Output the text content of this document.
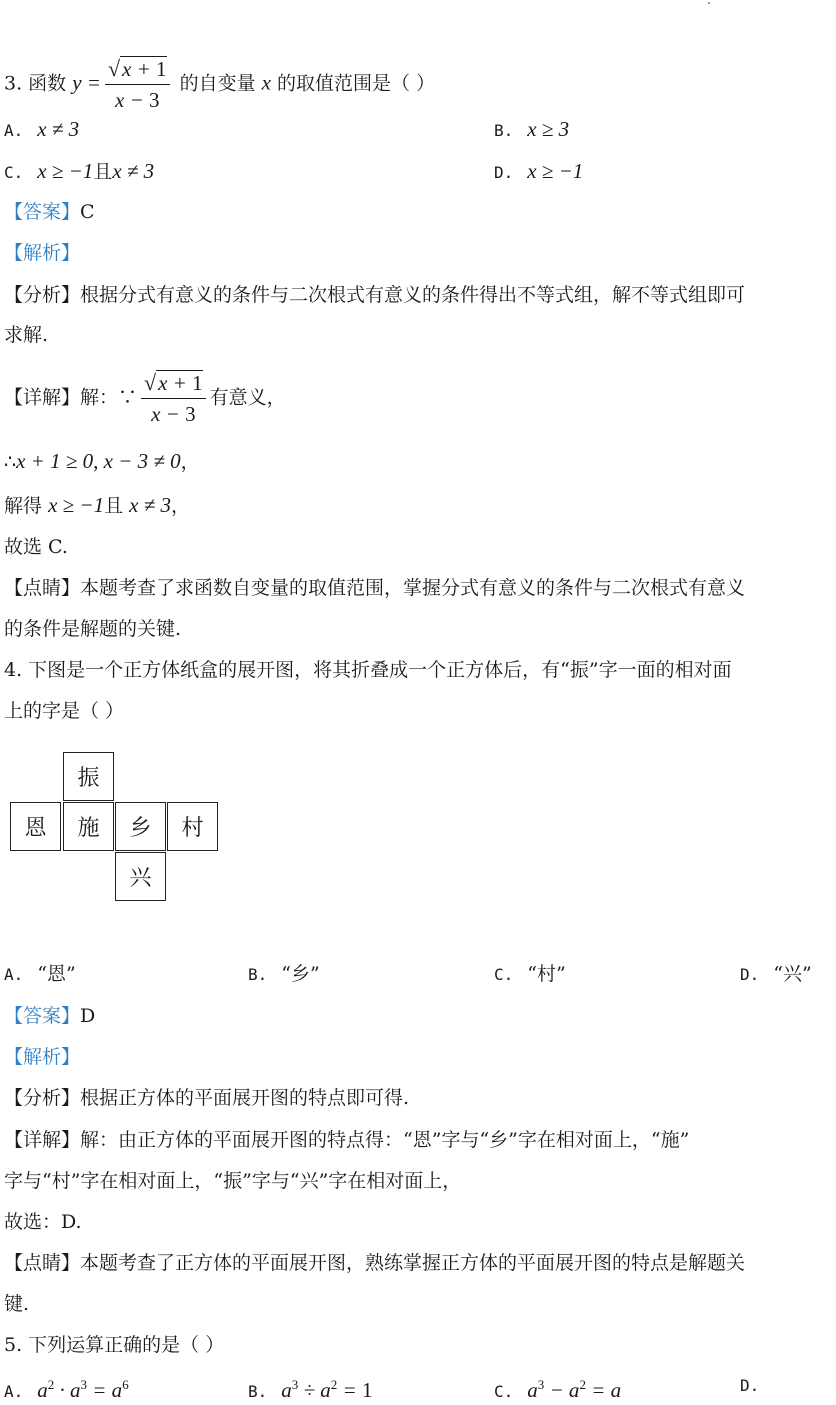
3. 函数 $y = \frac{√x + 1}{x - 3}$ 的自变量 x 的取值范围是（ ）
A. x ≠ 3	B. x ≥ 3
C. x ≥ −1且x ≠ 3	D. x ≥ −1
【答案】C
【解析】
【分析】根据分式有意义的条件与二次根式有意义的条件得出不等式组，解不等式组即可
求解.
【详解】解：∵ $\frac{√x + 1}{x - 3}$ 有意义，
∴x + 1 ≥ 0, x − 3 ≠ 0，
解得 x ≥ −1且 x ≠ 3，
故选 C.
【点睛】本题考查了求函数自变量的取值范围，掌握分式有意义的条件与二次根式有意义
的条件是解题的关键.
4. 下图是一个正方体纸盒的展开图，将其折叠成一个正方体后，有“振”字一面的相对面
上的字是（ ）
振
恩	施	乡	村
兴
A. “恩”	B. “乡”	C. “村”	D. “兴”
【答案】D
【解析】
【分析】根据正方体的平面展开图的特点即可得.
【详解】解：由正方体的平面展开图的特点得：“恩”字与“乡”字在相对面上，“施”
字与“村”字在相对面上，“振”字与“兴”字在相对面上，
故选：D.
【点睛】本题考查了正方体的平面展开图，熟练掌握正方体的平面展开图的特点是解题关
键.
5. 下列运算正确的是（ ）
A. $a^2 \cdot a^3 = a^6$	B. $a^3 \div a^2 = 1$	C. $a^3 - a^2 = a$	D.
